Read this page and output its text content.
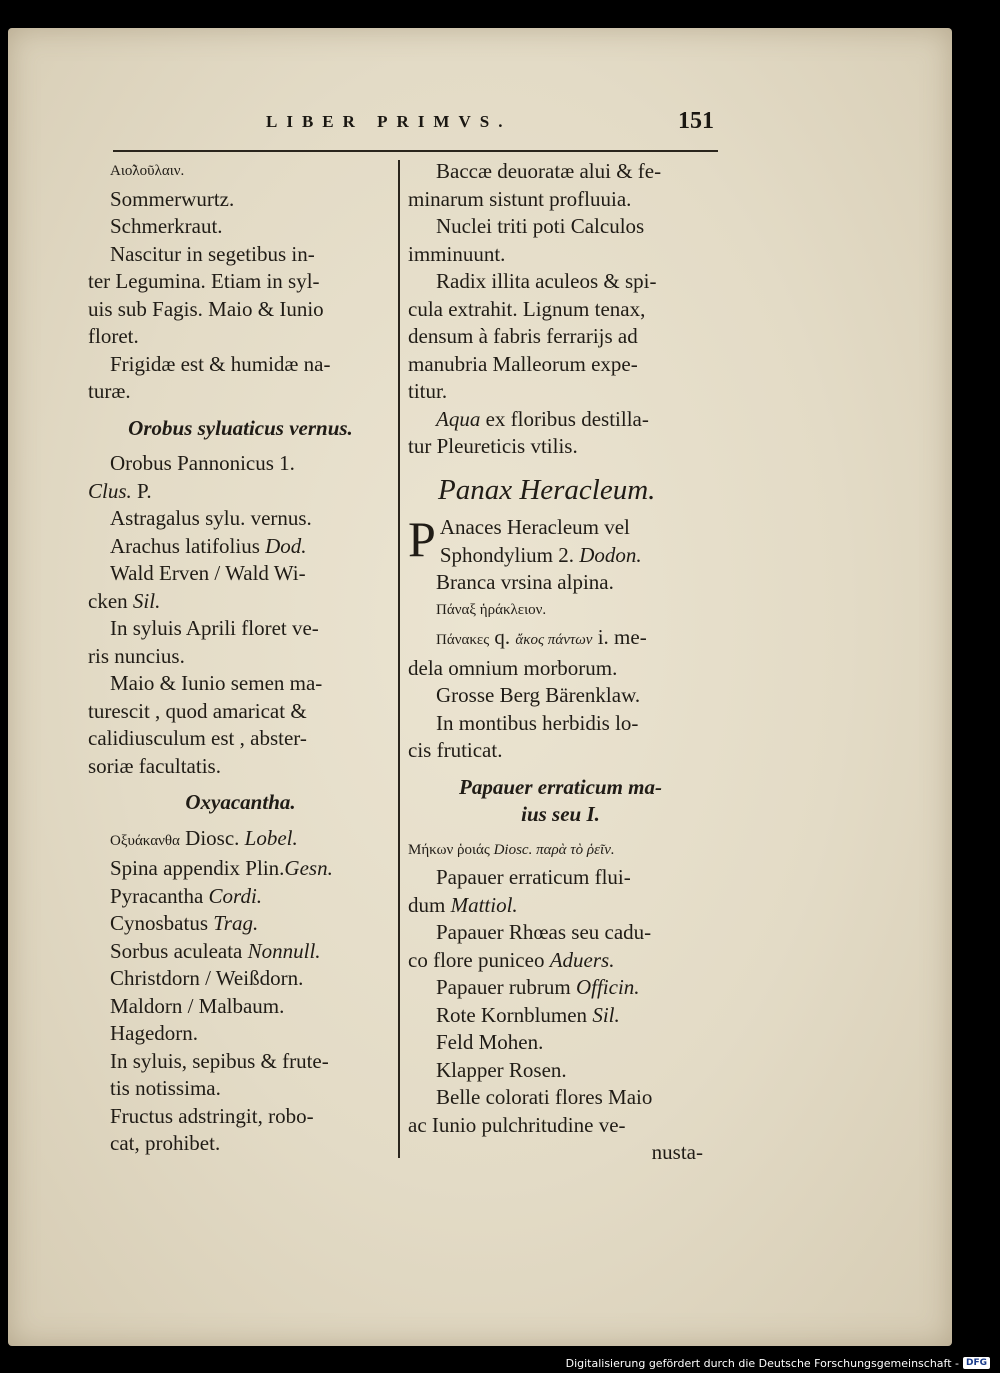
LIBER PRIMVS.	151
Αιο̃λοῦλαιν.
Sommerwurtz.
Schmerkraut.
Nascitur in segetibus in-
ter Legumina. Etiam in syl-
uis sub Fagis. Maio & Iunio
floret.
Frigidæ est & humidæ na-
turæ.
Orobus syluaticus vernus.
Orobus Pannonicus 1.
Clus. P.
Astragalus sylu. vernus.
Arachus latifolius Dod.
Wald Erven / Wald Wi-
cken Sil.
In syluis Aprili floret ve-
ris nuncius.
Maio & Iunio semen ma-
turescit , quod amaricat &
calidiusculum est , abster-
soriæ facultatis.
Oxyacantha.
Οξυάκανθα Diosc. Lobel.
Spina appendix Plin.Gesn.
Pyracantha Cordi.
Cynosbatus Trag.
Sorbus aculeata Nonnull.
Christdorn / Weißdorn.
Maldorn / Malbaum.
Hagedorn.
In syluis, sepibus & frute-
tis notissima.
Fructus adstringit, robo-
cat, prohibet.
Baccæ deuoratæ alui & fe-
minarum sistunt profluuia.
Nuclei triti poti Calculos
imminuunt.
Radix illita aculeos & spi-
cula extrahit. Lignum tenax,
densum à fabris ferrarijs ad
manubria Malleorum expe-
titur.
Aqua ex floribus destilla-
tur Pleureticis vtilis.
Panax Heracleum.
P Anaces Heracleum vel
Sphondylium 2. Dodon.
Branca vrsina alpina.
Πάναξ ἡράκλειον.
Πάνακες q. ἄκος πάντων i. me-
dela omnium morborum.
Grosse Berg Bärenklaw.
In montibus herbidis lo-
cis fruticat.
Papauer erraticum ma-
ius seu I.
Μήκων ῥοιάς Diosc. παρὰ τὸ ῥεῖν.
Papauer erraticum flui-
dum Mattiol.
Papauer Rhœas seu cadu-
co flore puniceo Aduers.
Papauer rubrum Officin.
Rote Kornblumen Sil.
Feld Mohen.
Klapper Rosen.
Belle colorati flores Maio
ac Iunio pulchritudine ve-
nusta-
Digitalisierung gefördert durch die Deutsche Forschungsgemeinschaft - DFG
